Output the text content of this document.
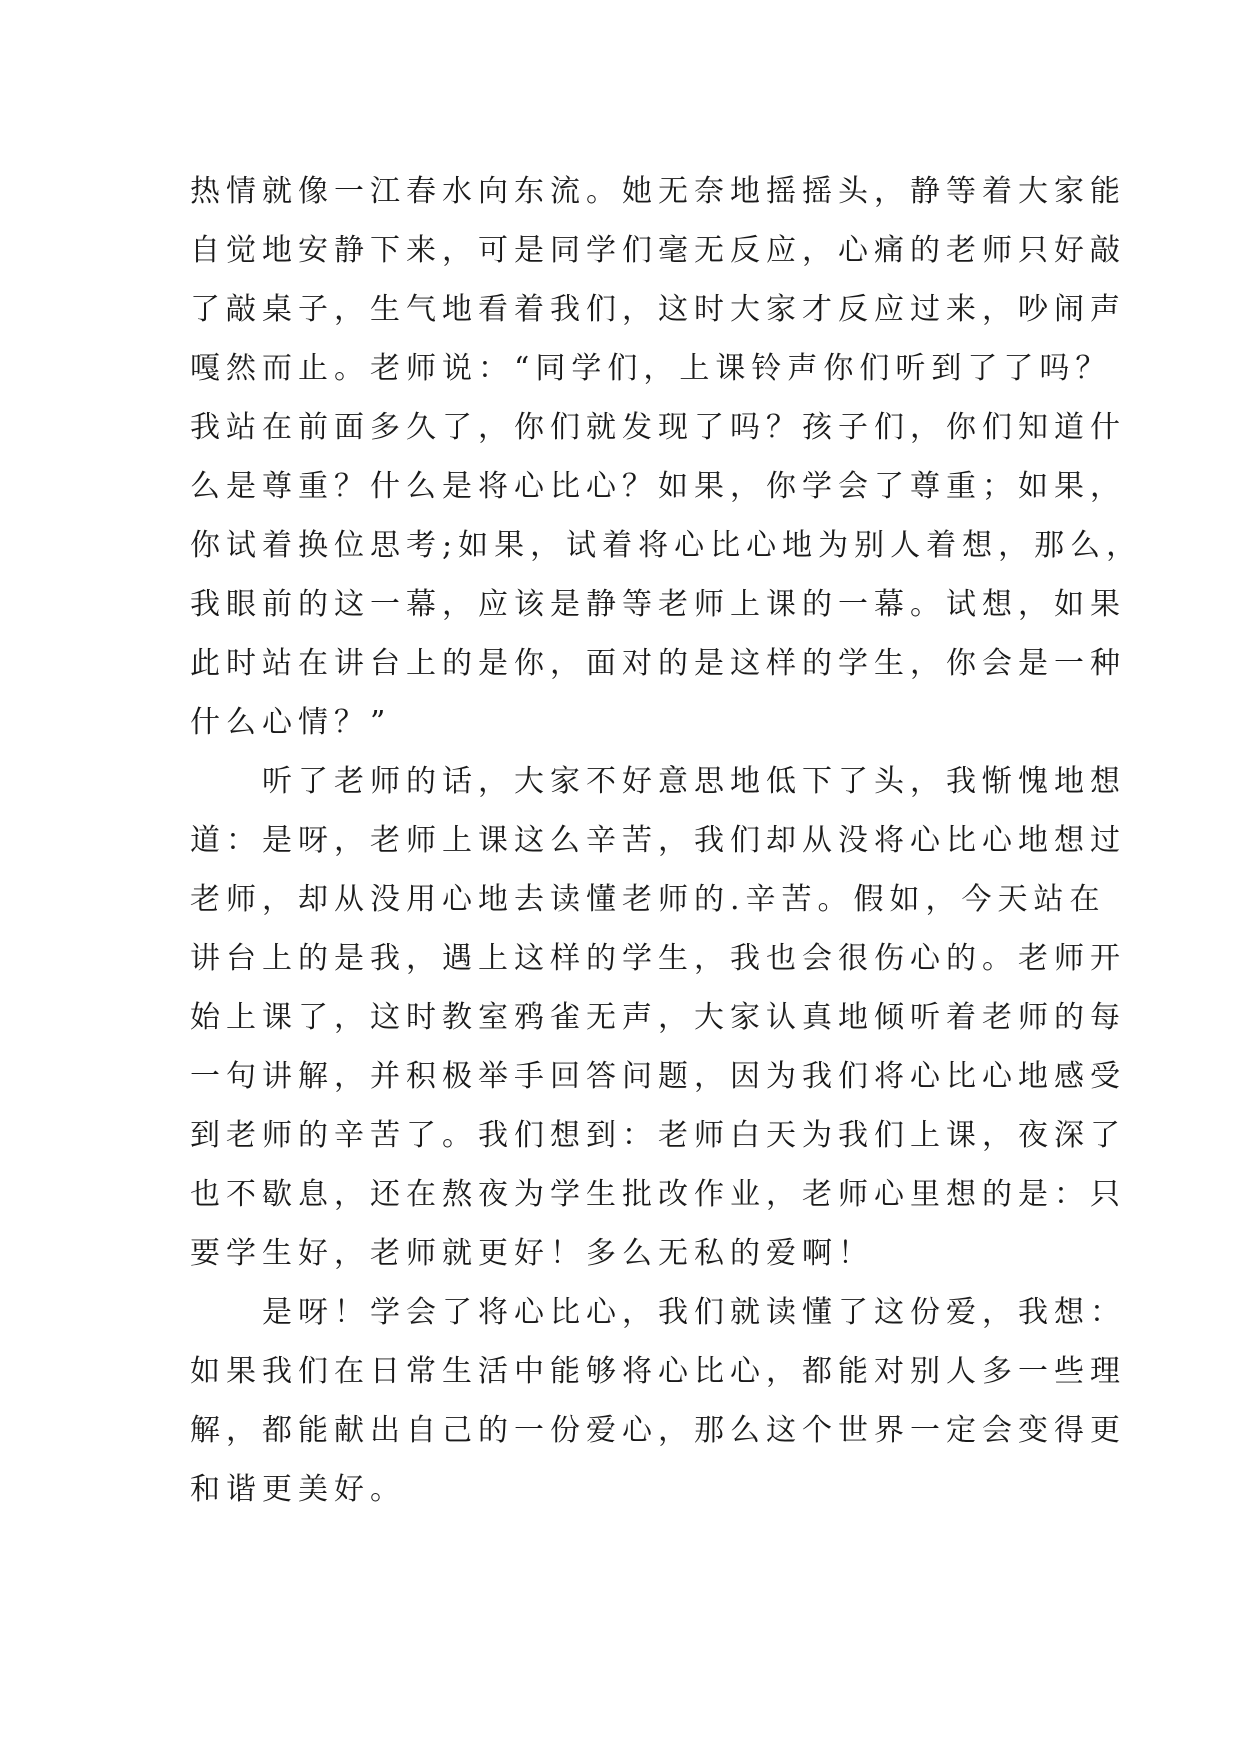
热情就像一江春水向东流。她无奈地摇摇头，静等着大家能
自觉地安静下来，可是同学们毫无反应，心痛的老师只好敲
了敲桌子，生气地看着我们，这时大家才反应过来，吵闹声
嘎然而止。老师说：“同学们，上课铃声你们听到了了吗？
我站在前面多久了，你们就发现了吗？孩子们，你们知道什
么是尊重？什么是将心比心？如果，你学会了尊重；如果，
你试着换位思考;如果，试着将心比心地为别人着想，那么，
我眼前的这一幕，应该是静等老师上课的一幕。试想，如果
此时站在讲台上的是你，面对的是这样的学生，你会是一种
什么心情？”
听了老师的话，大家不好意思地低下了头，我惭愧地想
道：是呀，老师上课这么辛苦，我们却从没将心比心地想过
老师，却从没用心地去读懂老师的.辛苦。假如，今天站在
讲台上的是我，遇上这样的学生，我也会很伤心的。老师开
始上课了，这时教室鸦雀无声，大家认真地倾听着老师的每
一句讲解，并积极举手回答问题，因为我们将心比心地感受
到老师的辛苦了。我们想到：老师白天为我们上课，夜深了
也不歇息，还在熬夜为学生批改作业，老师心里想的是：只
要学生好，老师就更好！多么无私的爱啊！
是呀！学会了将心比心，我们就读懂了这份爱，我想：
如果我们在日常生活中能够将心比心，都能对别人多一些理
解，都能献出自己的一份爱心，那么这个世界一定会变得更
和谐更美好。
